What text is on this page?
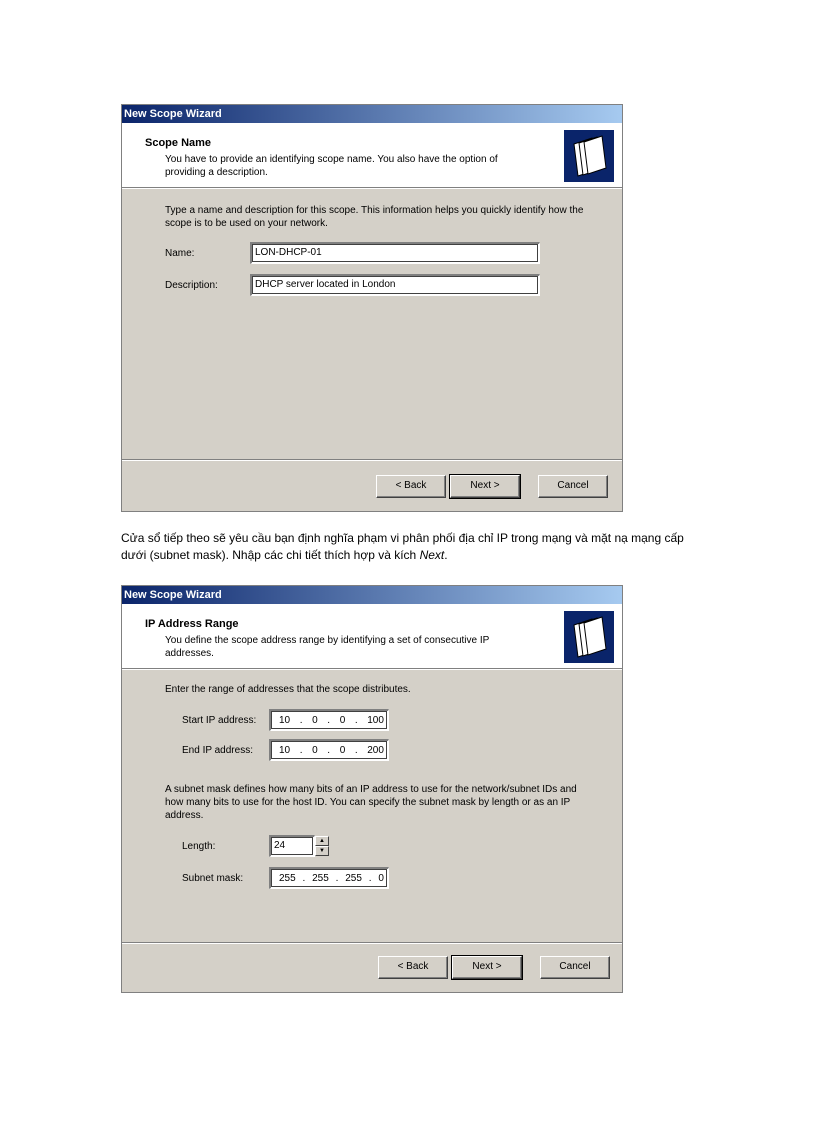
New Scope Wizard
Scope Name
You have to provide an identifying scope name. You also have the option of providing a description.
Type a name and description for this scope. This information helps you quickly identify how the scope is to be used on your network.
Name:	LON-DHCP-01
Description:	DHCP server located in London
< Back	Next >	Cancel
Cửa sổ tiếp theo sẽ yêu cầu bạn định nghĩa phạm vi phân phối địa chỉ IP trong mạng và mặt nạ mạng cấp dưới (subnet mask). Nhập các chi tiết thích hợp và kích Next.
New Scope Wizard
IP Address Range
You define the scope address range by identifying a set of consecutive IP addresses.
Enter the range of addresses that the scope distributes.
Start IP address: 10 . 0 . 0 . 100
End IP address:	10 . 0 . 0 . 200
A subnet mask defines how many bits of an IP address to use for the network/subnet IDs and how many bits to use for the host ID. You can specify the subnet mask by length or as an IP address.
Length:	24	▲
▼
Subnet mask:	255 . 255 . 255 . 0
< Back	Next >	Cancel
